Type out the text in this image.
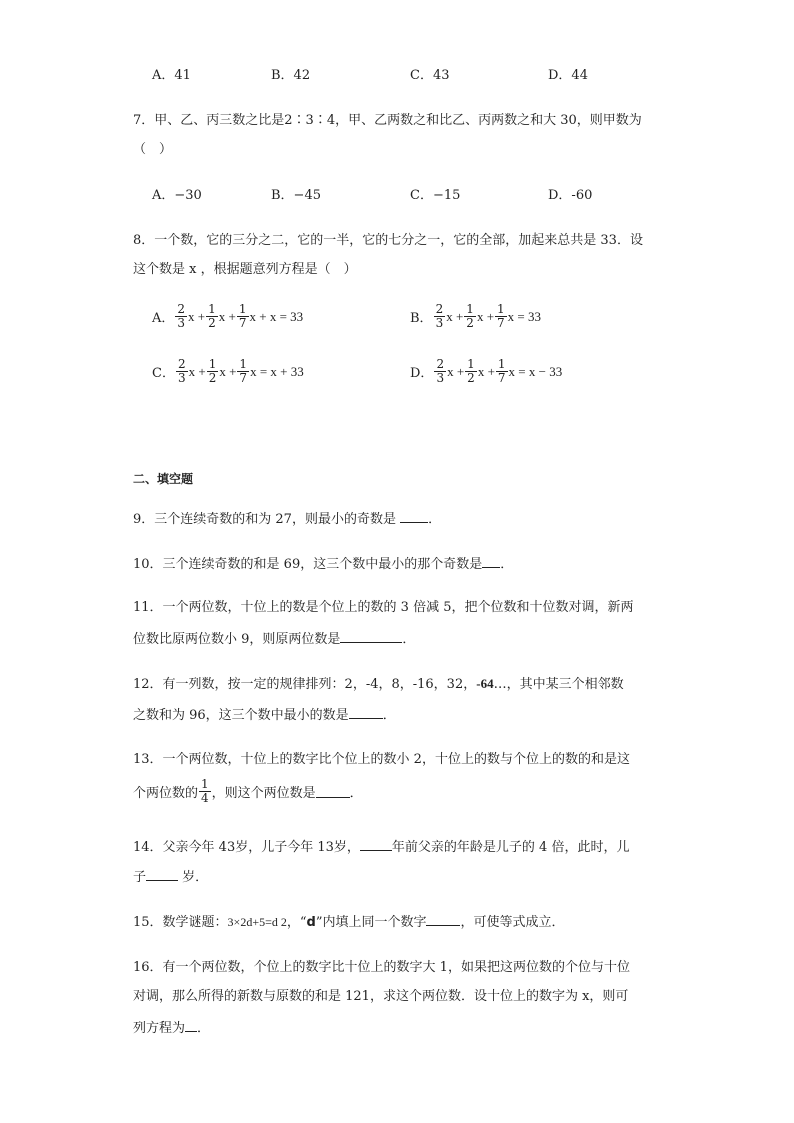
A．41	B．42	C．43	D．44
7．甲、乙、丙三数之比是2∶3∶4，甲、乙两数之和比乙、丙两数之和大 30，则甲数为
（　）
A．−30	B．−45	C．−15	D．-60
8．一个数，它的三分之二，它的一半，它的七分之一，它的全部，加起来总共是 33．设
这个数是 x ，根据题意列方程是（　）
A． $\frac{2}{3}$ $x + \frac{1}{2}$ $x + \frac{1}{7}$ x + x = 33	B． $\frac{2}{3}$ $x + \frac{1}{2}$ $x + \frac{1}{7}$ x = 33
C． $\frac{2}{3}$ $x + \frac{1}{2}$ $x + \frac{1}{7}$ x = x + 33	D． $\frac{2}{3}$ $x + \frac{1}{2}$ $x + \frac{1}{7}$ x = x − 33
二、填空题
9．三个连续奇数的和为 27，则最小的奇数是 ．
10．三个连续奇数的和是 69，这三个数中最小的那个奇数是 ．
11．一个两位数，十位上的数是个位上的数的 3 倍减 5，把个位数和十位数对调，新两
位数比原两位数小 9，则原两位数是	．
12．有一列数，按一定的规律排列：2，-4，8，-16，32，-64…，其中某三个相邻数
之数和为 96，这三个数中最小的数是	．
13．一个两位数，十位上的数字比个位上的数小 2，十位上的数与个位上的数的和是这
个两位数的 $\frac{1}{4}$ ，则这个两位数是	．
14．父亲今年 43岁，儿子今年 13岁， 年前父亲的年龄是儿子的 4 倍，此时，儿
子 岁．
15．数学谜题：3×2d+5=d 2，“d”内填上同一个数字	，可使等式成立．
16．有一个两位数，个位上的数字比十位上的数字大 1，如果把这两位数的个位与十位
对调，那么所得的新数与原数的和是 121，求这个两位数．设十位上的数字为 x，则可
列方程为 ．
